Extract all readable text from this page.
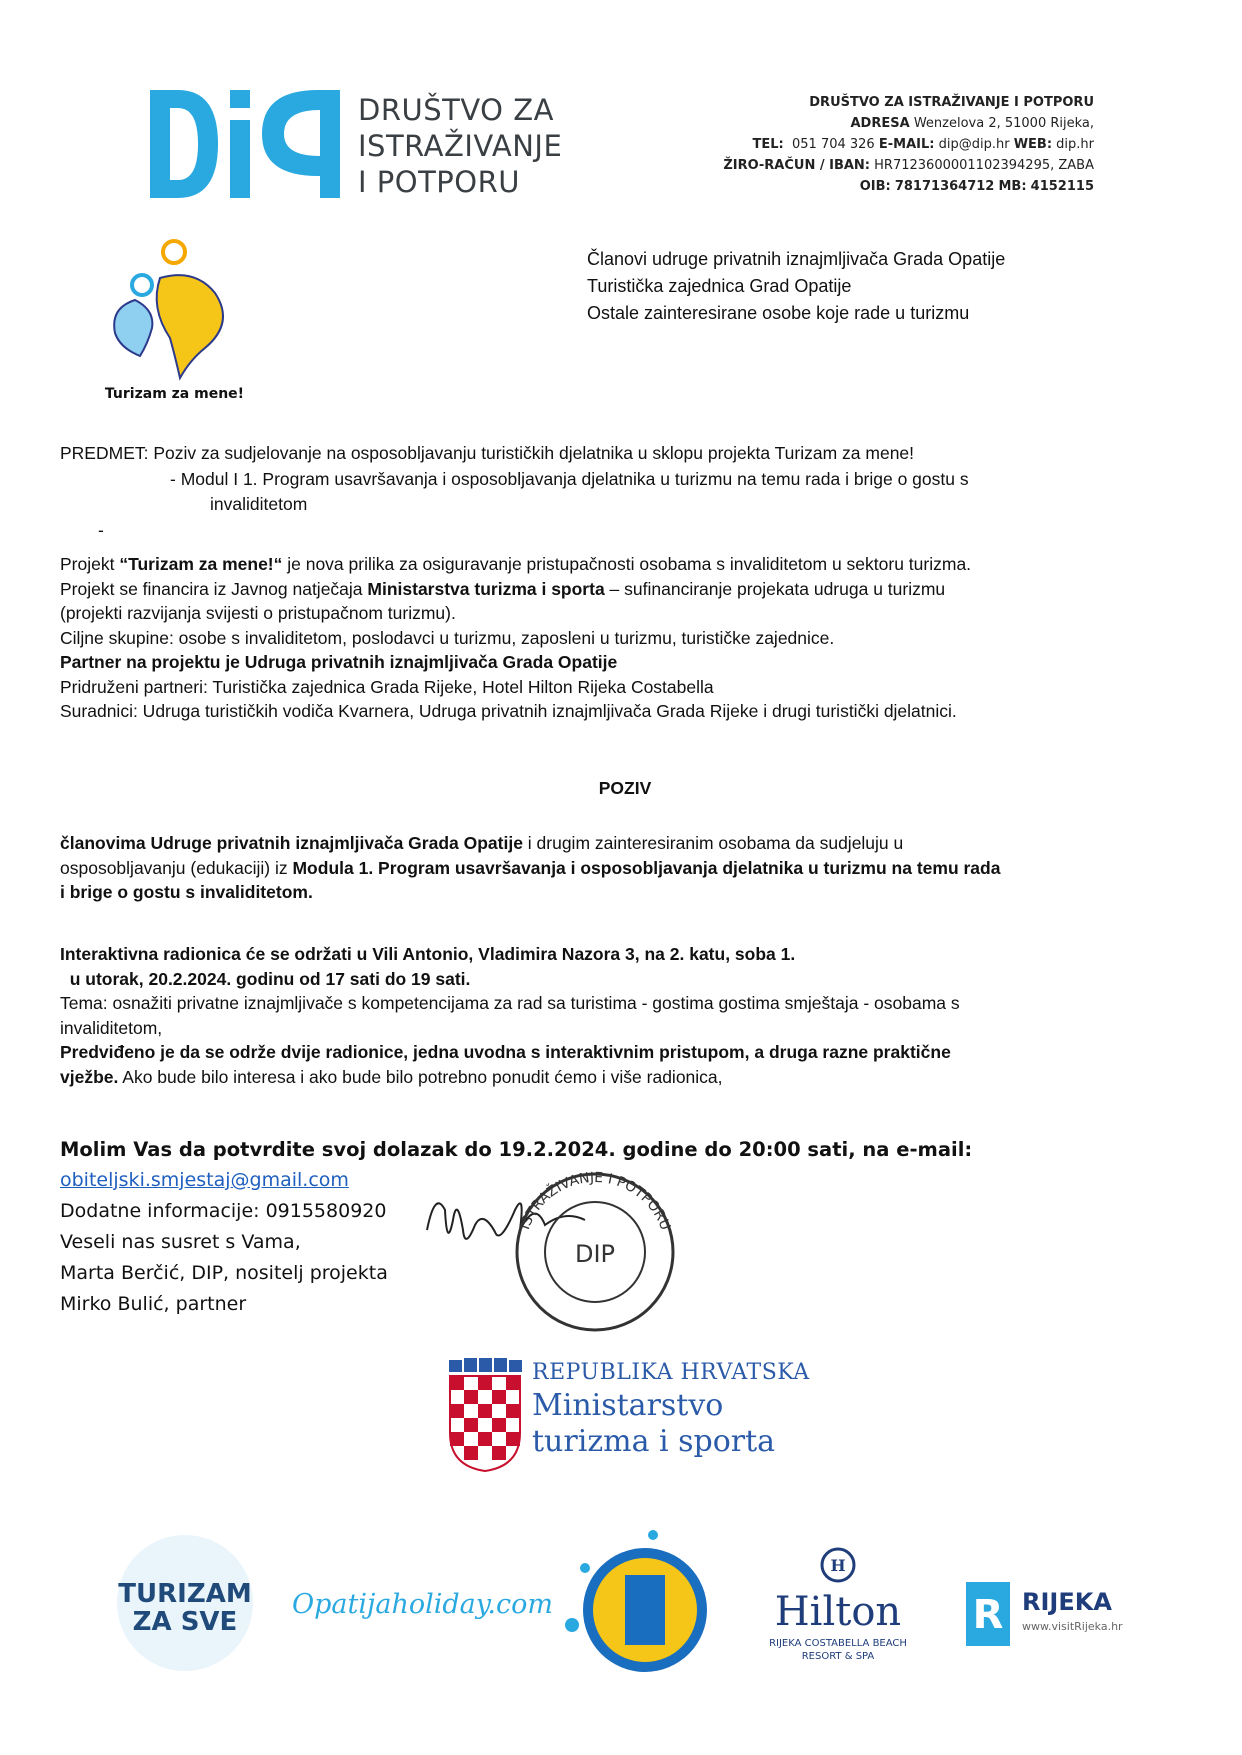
DRUŠTVO ZA
ISTRAŽIVANJE
I POTPORU
DRUŠTVO ZA ISTRAŽIVANJE I POTPORU
ADRESA Wenzelova 2, 51000 Rijeka,
TEL: 051 704 326 E-MAIL: dip@dip.hr WEB: dip.hr
ŽIRO-RAČUN / IBAN: HR7123600001102394295, ZABA
OIB: 78171364712 MB: 4152115
Turizam za mene!
Članovi udruge privatnih iznajmljivača Grada Opatije
Turistička zajednica Grad Opatije
Ostale zainteresirane osobe koje rade u turizmu
PREDMET: Poziv za sudjelovanje na osposobljavanju turističkih djelatnika u sklopu projekta Turizam za mene!
- Modul I 1. Program usavršavanja i osposobljavanja djelatnika u turizmu na temu rada i brige o gostu s
invaliditetom
-
Projekt “Turizam za mene!“ je nova prilika za osiguravanje pristupačnosti osobama s invaliditetom u sektoru turizma.
Projekt se financira iz Javnog natječaja Ministarstva turizma i sporta – sufinanciranje projekata udruga u turizmu
(projekti razvijanja svijesti o pristupačnom turizmu).
Ciljne skupine: osobe s invaliditetom, poslodavci u turizmu, zaposleni u turizmu, turističke zajednice.
Partner na projektu je Udruga privatnih iznajmljivača Grada Opatije
Pridruženi partneri: Turistička zajednica Grada Rijeke, Hotel Hilton Rijeka Costabella
Suradnici: Udruga turističkih vodiča Kvarnera, Udruga privatnih iznajmljivača Grada Rijeke i drugi turistički djelatnici.
POZIV
članovima Udruge privatnih iznajmljivača Grada Opatije i drugim zainteresiranim osobama da sudjeluju u
osposobljavanju (edukaciji) iz Modula 1. Program usavršavanja i osposobljavanja djelatnika u turizmu na temu rada
i brige o gostu s invaliditetom.
Interaktivna radionica će se održati u Vili Antonio, Vladimira Nazora 3, na 2. katu, soba 1.
u utorak, 20.2.2024. godinu od 17 sati do 19 sati.
Tema: osnažiti privatne iznajmljivače s kompetencijama za rad sa turistima - gostima gostima smještaja - osobama s
invaliditetom,
Predviđeno je da se održe dvije radionice, jedna uvodna s interaktivnim pristupom, a druga razne praktične
vježbe. Ako bude bilo interesa i ako bude bilo potrebno ponudit ćemo i više radionica,
Molim Vas da potvrdite svoj dolazak do 19.2.2024. godine do 20:00 sati, na e-mail:
obiteljski.smjestaj@gmail.com
Dodatne informacije: 0915580920
Veseli nas susret s Vama,
Marta Berčić, DIP, nositelj projekta
Mirko Bulić, partner
DIP
ISTRAŽIVANJE I POTPORU
REPUBLIKA HRVATSKA
Ministarstvo
turizma i sporta
TURIZAM
ZA SVE
Opatijaholiday.com
H
Hilton
RIJEKA COSTABELLA BEACH
RESORT & SPA
R RIJEKA
www.visitRijeka.hr
